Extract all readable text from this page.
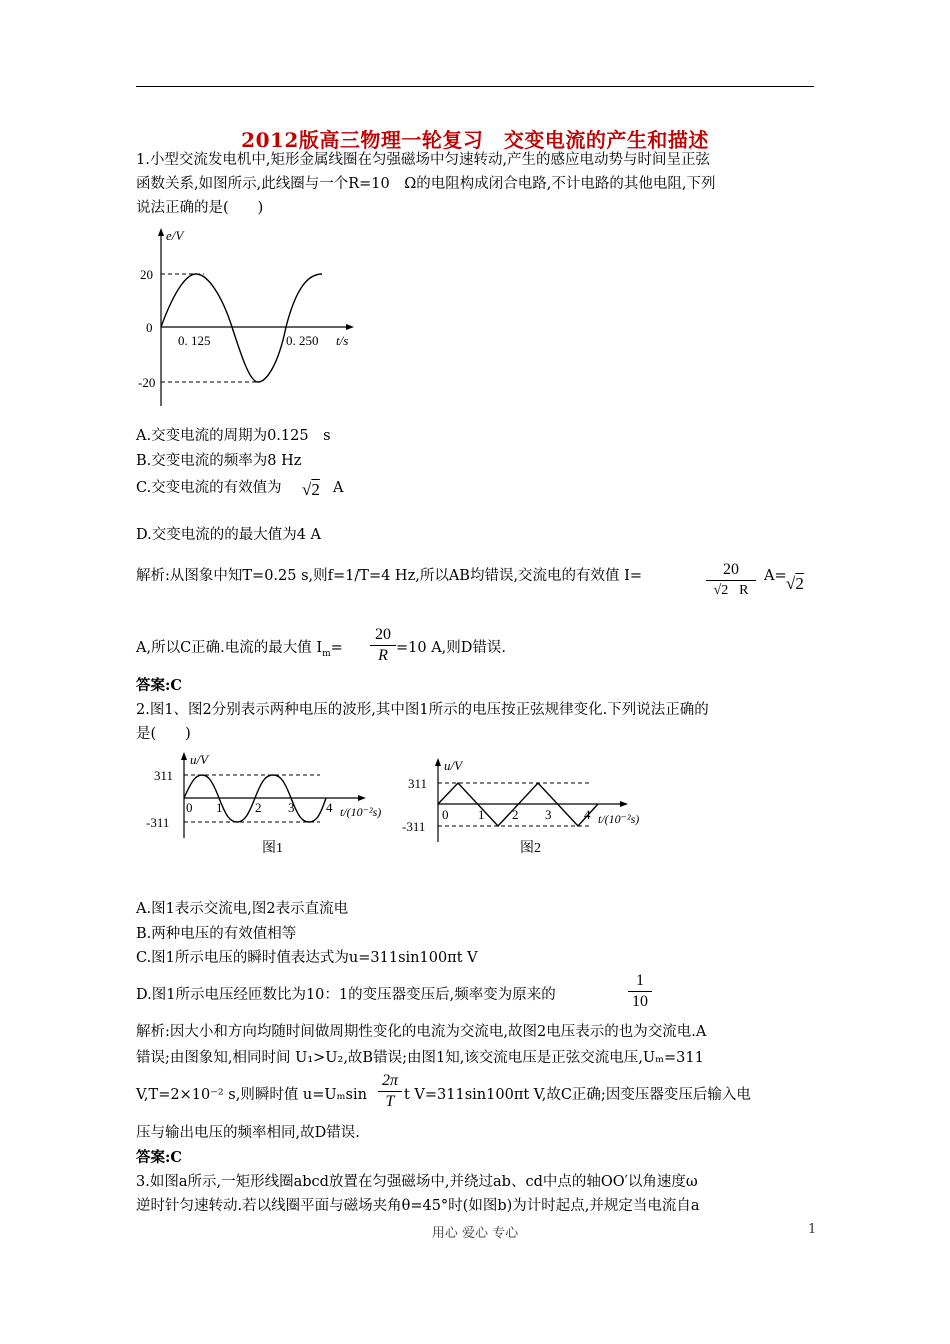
2012版高三物理一轮复习　交变电流的产生和描述
1.小型交流发电机中,矩形金属线圈在匀强磁场中匀速转动,产生的感应电动势与时间呈正弦
函数关系,如图所示,此线圈与一个R=10　Ω的电阻构成闭合电路,不计电路的其他电阻,下列
说法正确的是(　　)
e/V
20
0
-20
0. 125	0. 250 t/s
A.交变电流的周期为0.125　s
B.交变电流的频率为8 Hz
C.交变电流的有效值为 √2 A
D.交变电流的的最大值为4 A
解析:从图象中知T=0.25 s,则f=1/T=4 Hz,所以AB均错误,交流电的有效值 I=	20
√2⃞R
A= √2
A,所以C正确.电流的最大值 $I_m=$
20
R =10 A,则D错误.
答案:C
2.图1、图2分别表示两种电压的波形,其中图1所示的电压按正弦规律变化.下列说法正确的
是(　　)
u/V
311
-311
0 1	2 3 4 t/(10⁻²s)
图1
u/V
311
-311
0 1 2 3	4 t/(10⁻²s)
图2
A.图1表示交流电,图2表示直流电
B.两种电压的有效值相等
C.图1所示电压的瞬时值表达式为u=311sin100πt V
D.图1所示电压经匝数比为10：1的变压器变压后,频率变为原来的
1
10
解析:因大小和方向均随时间做周期性变化的电流为交流电,故图2电压表示的也为交流电.A
错误;由图象知,相同时间 U₁>U₂,故B错误;由图1知,该交流电压是正弦交流电压,Uₘ=311
V,T=2×10⁻² s,则瞬时值 u=Uₘsin
2π
T t V=311sin100πt V,故C正确;因变压器变压后输入电
压与输出电压的频率相同,故D错误.
答案:C
3.如图a所示,一矩形线圈abcd放置在匀强磁场中,并绕过ab、cd中点的轴OO′以角速度ω
逆时针匀速转动.若以线圈平面与磁场夹角θ=45°时(如图b)为计时起点,并规定当电流自a
用心 爱心 专心	1
